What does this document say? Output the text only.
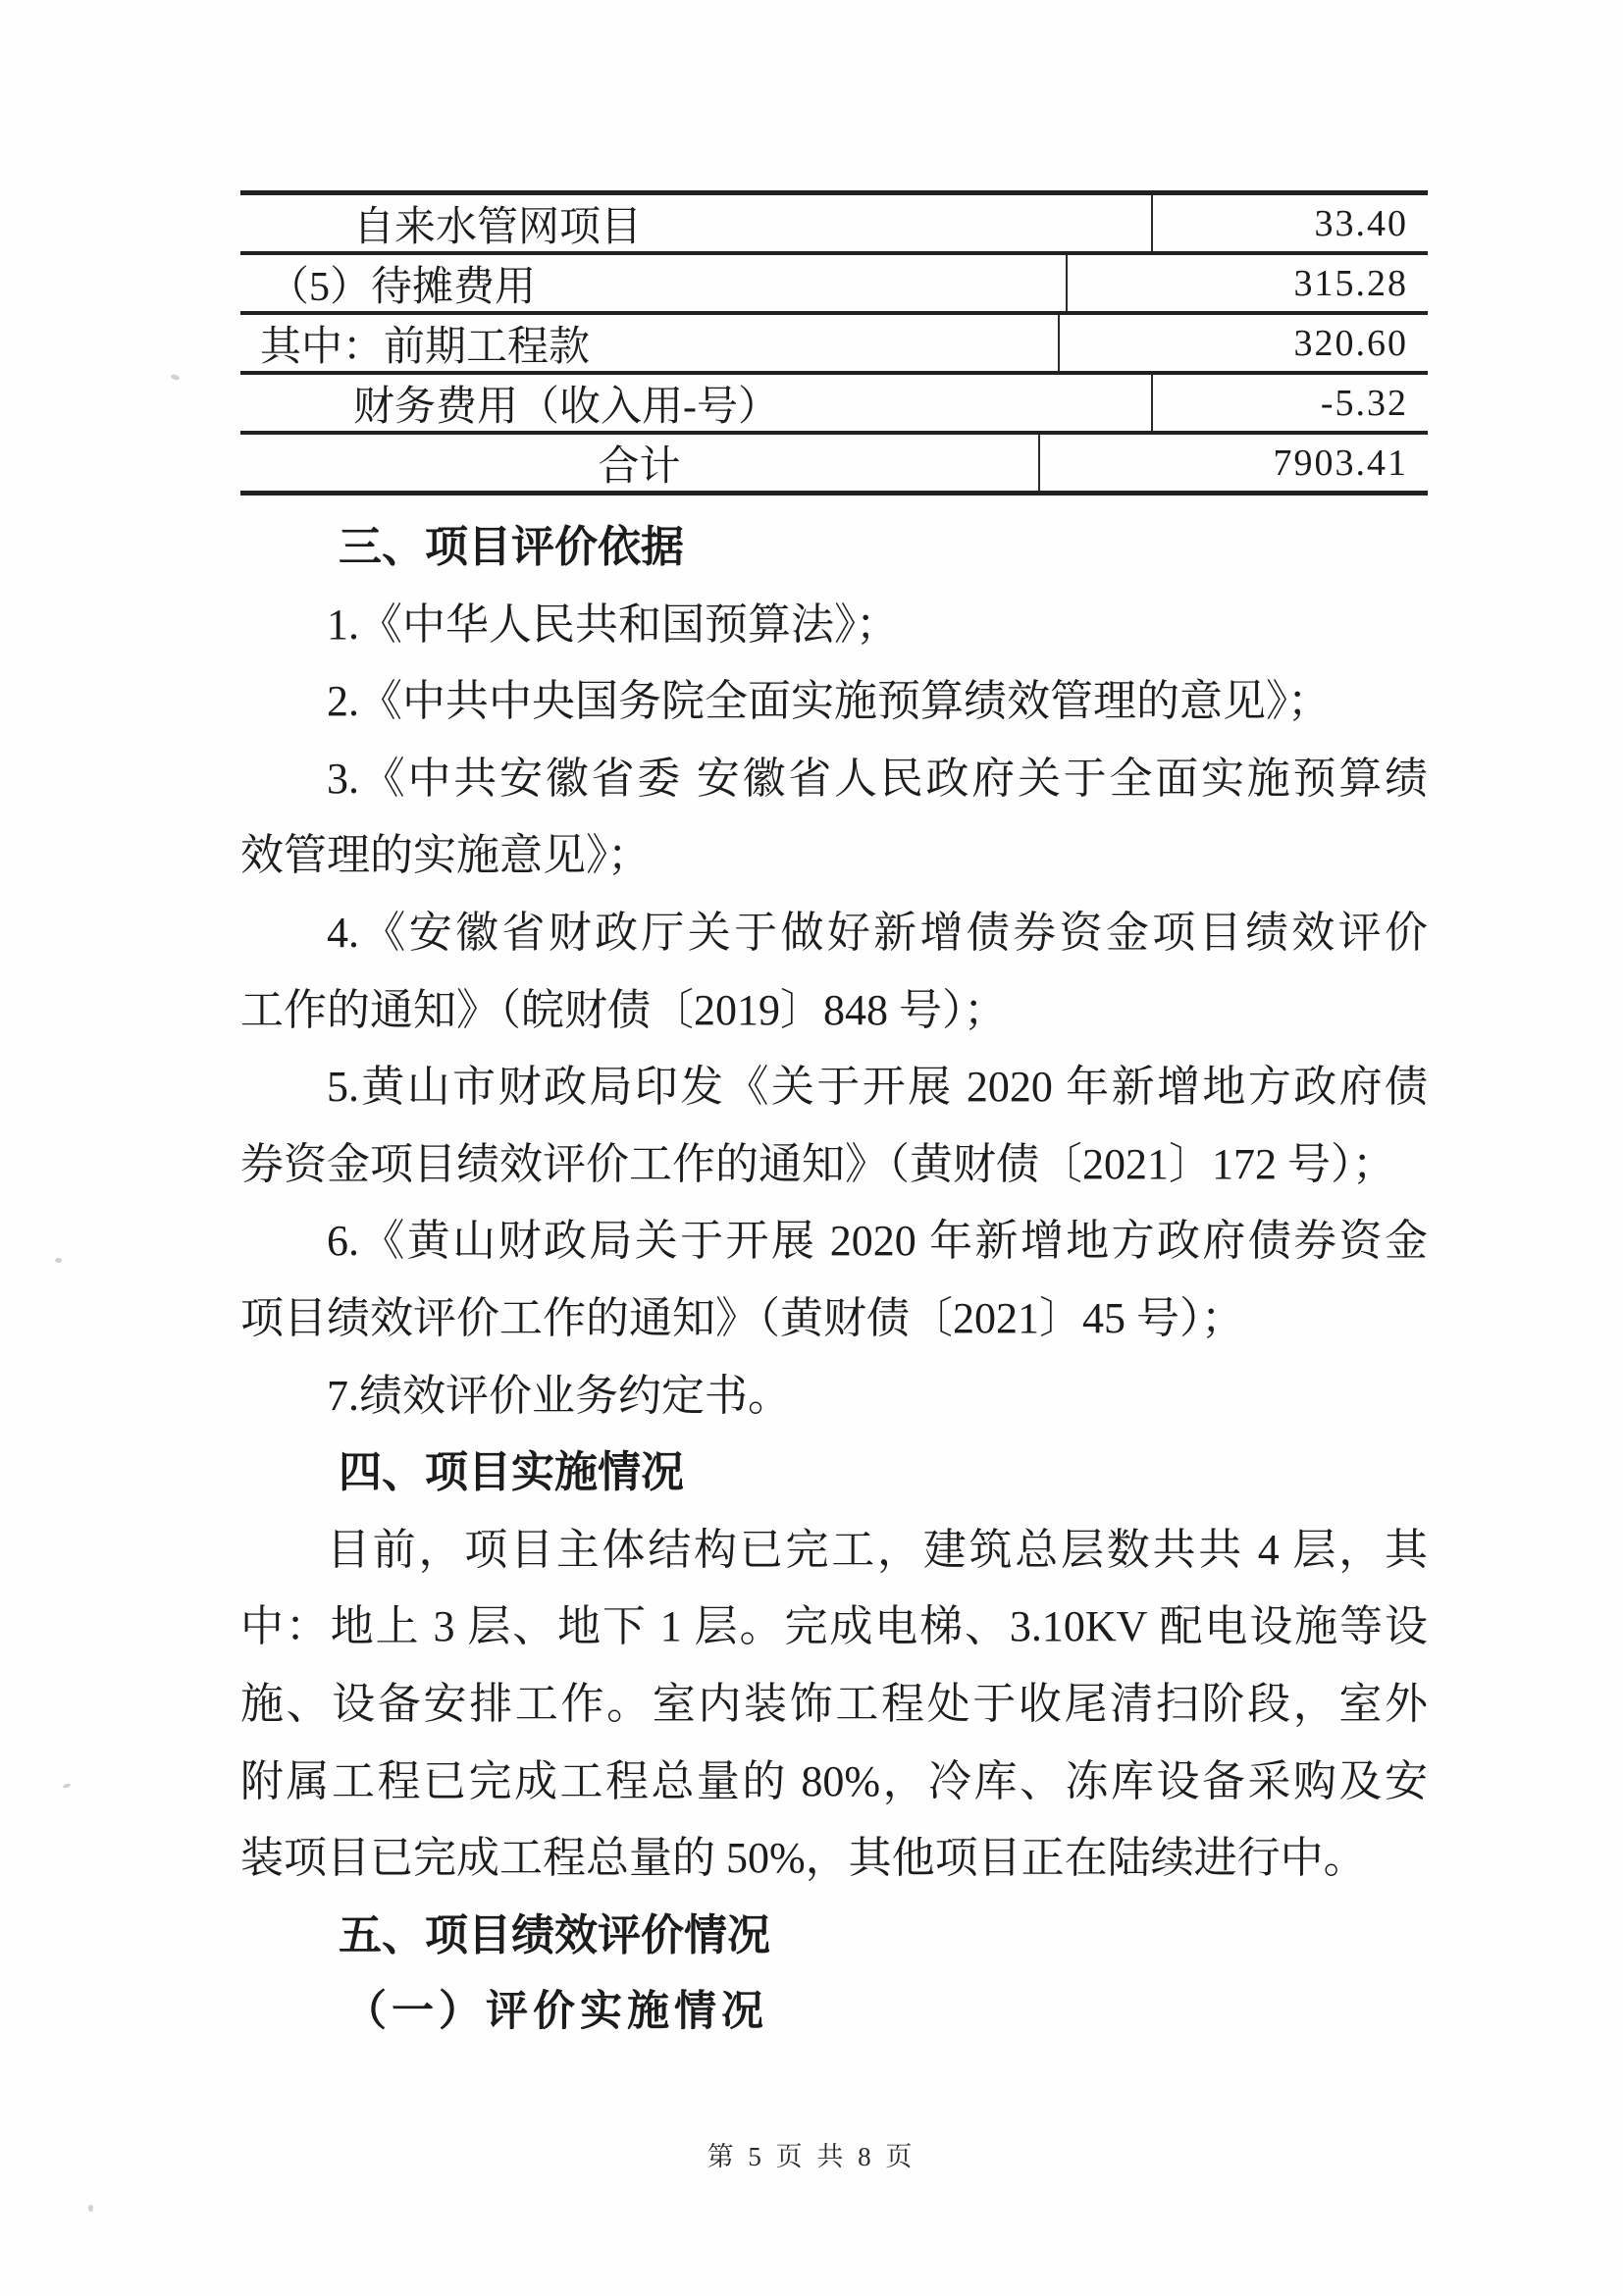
自来水管网项目	33.40
（5）待摊费用	315.28
其中：前期工程款	320.60
财务费用（收入用-号）	-5.32
合计	7903.41
三、项目评价依据
1.《中华人民共和国预算法》；
2.《中共中央国务院全面实施预算绩效管理的意见》；
3.《中共安徽省委 安徽省人民政府关于全面实施预算绩
效管理的实施意见》；
4.《安徽省财政厅关于做好新增债券资金项目绩效评价
工作的通知》（皖财债〔2019〕848 号）；
5.黄山市财政局印发《关于开展 2020 年新增地方政府债
券资金项目绩效评价工作的通知》（黄财债〔2021〕172 号）；
6.《黄山财政局关于开展 2020 年新增地方政府债券资金
项目绩效评价工作的通知》（黄财债〔2021〕45 号）；
7.绩效评价业务约定书。
四、项目实施情况
目前，项目主体结构已完工，建筑总层数共共 4 层，其
中：地上 3 层、地下 1 层。完成电梯、3.10KV 配电设施等设
施、设备安排工作。室内装饰工程处于收尾清扫阶段，室外
附属工程已完成工程总量的 80%，冷库、冻库设备采购及安
装项目已完成工程总量的 50%，其他项目正在陆续进行中。
五、项目绩效评价情况
（一）评价实施情况
第 5 页 共 8 页
